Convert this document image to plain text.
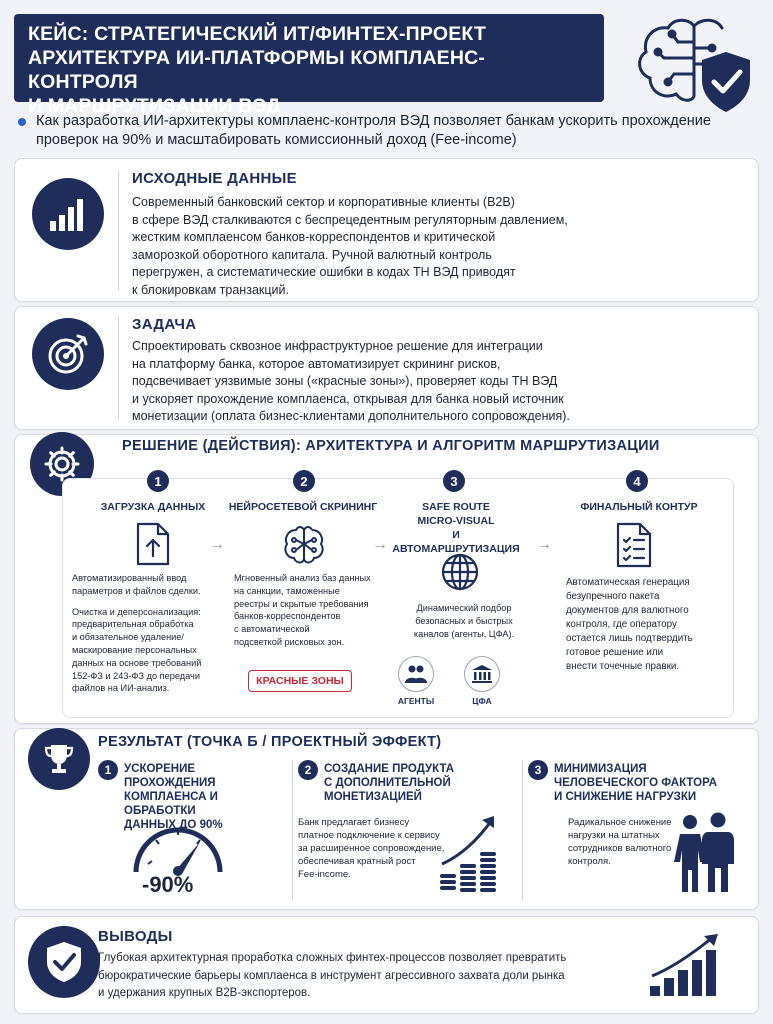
КЕЙС: СТРАТЕГИЧЕСКИЙ ИТ/ФИНТЕХ-ПРОЕКТ
АРХИТЕКТУРА ИИ-ПЛАТФОРМЫ КОМПЛАЕНС-КОНТРОЛЯ
И МАРШРУТИЗАЦИИ ВЭД

Как разработка ИИ-архитектуры комплаенс-контроля ВЭД позволяет банкам ускорить прохождение проверок на 90% и масштабировать комиссионный доход (Fee-income)

ИСХОДНЫЕ ДАННЫЕ
Современный банковский сектор и корпоративные клиенты (B2B)
в сфере ВЭД сталкиваются с беспрецедентным регуляторным давлением,
жестким комплаенсом банков-корреспондентов и критической
заморозкой оборотного капитала. Ручной валютный контроль
перегружен, а систематические ошибки в кодах ТН ВЭД приводят
к блокировкам транзакций.
ЗАДАЧА
Спроектировать сквозное инфраструктурное решение для интеграции
на платформу банка, которое автоматизирует скрининг рисков,
подсвечивает уязвимые зоны («красные зоны»), проверяет коды ТН ВЭД
и ускоряет прохождение комплаенса, открывая для банка новый источник
монетизации (оплата бизнес-клиентами дополнительного сопровождения).
РЕШЕНИЕ (ДЕЙСТВИЯ): АРХИТЕКТУРА И АЛГОРИТМ МАРШРУТИЗАЦИИ
1
ЗАГРУЗКА ДАННЫХ
Автоматизированный ввод
параметров и файлов сделки.
Очистка и деперсонализация:
предварительная обработка
и обязательное удаление/
маскирование персональных
данных на основе требований
152-ФЗ и 243-ФЗ до передачи
файлов на ИИ-анализ.
→
2
НЕЙРОСЕТЕВОЙ СКРИНИНГ
Мгновенный анализ баз данных
на санкции, таможенные
реестры и скрытые требования
банков-корреспондентов
с автоматической
подсветкой рисковых зон.
КРАСНЫЕ ЗОНЫ
→
3
SAFE ROUTE
MICRO-VISUAL
И АВТОМАРШРУТИЗАЦИЯ
Динамический подбор
безопасных и быстрых
каналов (агенты, ЦФА).
АГЕНТЫ	ЦФА
→
4
ФИНАЛЬНЫЙ КОНТУР
Автоматическая генерация
безупречного пакета
документов для валютного
контроля, где оператору
остается лишь подтвердить
готовое решение или
внести точечные правки.
РЕЗУЛЬТАТ (ТОЧКА Б / ПРОЕКТНЫЙ ЭФФЕКТ)
1	УСКОРЕНИЕ ПРОХОЖДЕНИЯ
КОМПЛАЕНСА И ОБРАБОТКИ
ДАННЫХ ДО 90%
-90%
2	СОЗДАНИЕ ПРОДУКТА
С ДОПОЛНИТЕЛЬНОЙ
МОНЕТИЗАЦИЕЙ
Банк предлагает бизнесу
платное подключение к сервису
за расширенное сопровождение,
обеспечивая кратный рост
Fee-income.
3	МИНИМИЗАЦИЯ
ЧЕЛОВЕЧЕСКОГО ФАКТОРА
И СНИЖЕНИЕ НАГРУЗКИ
Радикальное снижение
нагрузки на штатных
сотрудников валютного
контроля.
ВЫВОДЫ
Глубокая архитектурная проработка сложных финтех-процессов позволяет превратить
бюрократические барьеры комплаенса в инструмент агрессивного захвата доли рынка
и удержания крупных B2B-экспортеров.
